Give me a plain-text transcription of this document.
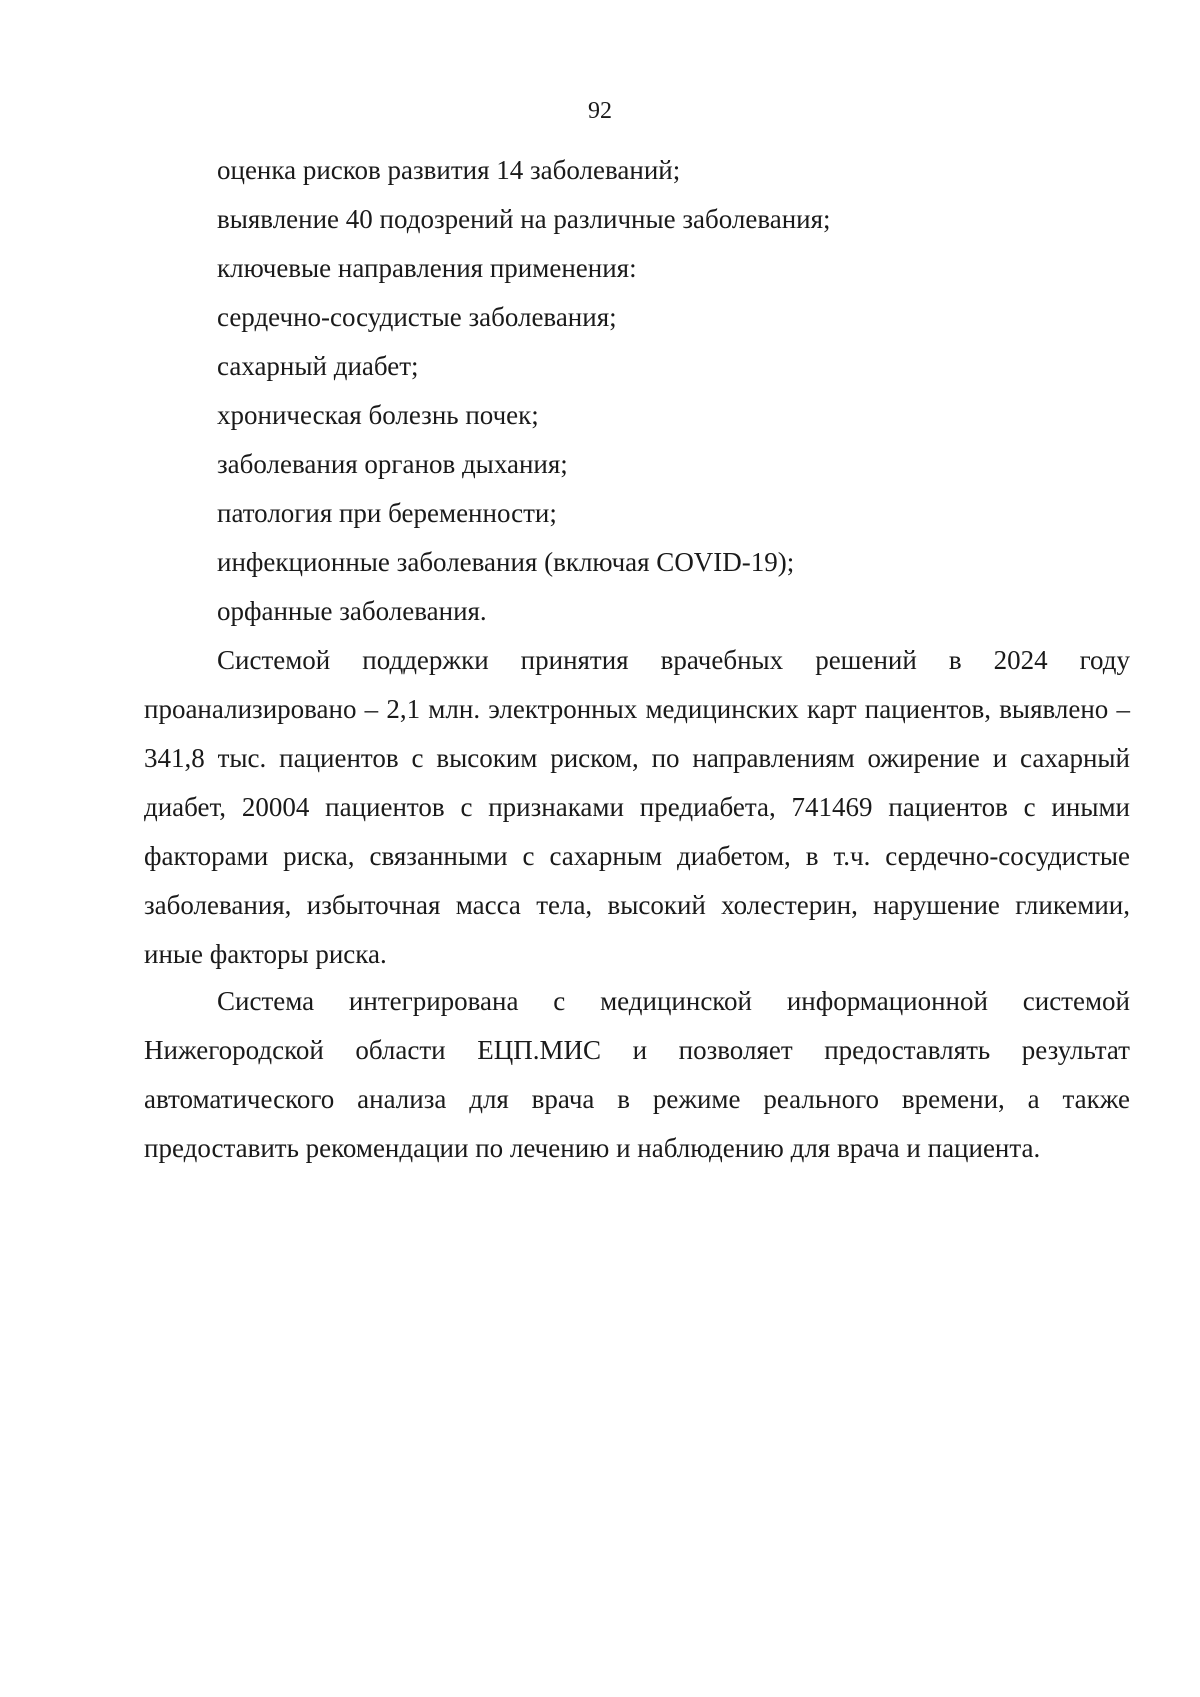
92
оценка рисков развития 14 заболеваний;
выявление 40 подозрений на различные заболевания;
ключевые направления применения:
сердечно-сосудистые заболевания;
сахарный диабет;
хроническая болезнь почек;
заболевания органов дыхания;
патология при беременности;
инфекционные заболевания (включая COVID-19);
орфанные заболевания.

Системой поддержки принятия врачебных решений в 2024 году проанализировано – 2,1 млн. электронных медицинских карт пациентов, выявлено –341,8 тыс. пациентов с высоким риском, по направлениям ожирение и сахарный диабет, 20004 пациентов с признаками предиабета, 741469 пациентов с иными факторами риска, связанными с сахарным диабетом, в т.ч. сердечно-сосудистые заболевания, избыточная масса тела, высокий холестерин, нарушение гликемии, иные факторы риска.

Система интегрирована с медицинской информационной системой Нижегородской области ЕЦП.МИС и позволяет предоставлять результат автоматического анализа для врача в режиме реального времени, а также предоставить рекомендации по лечению и наблюдению для врача и пациента.
